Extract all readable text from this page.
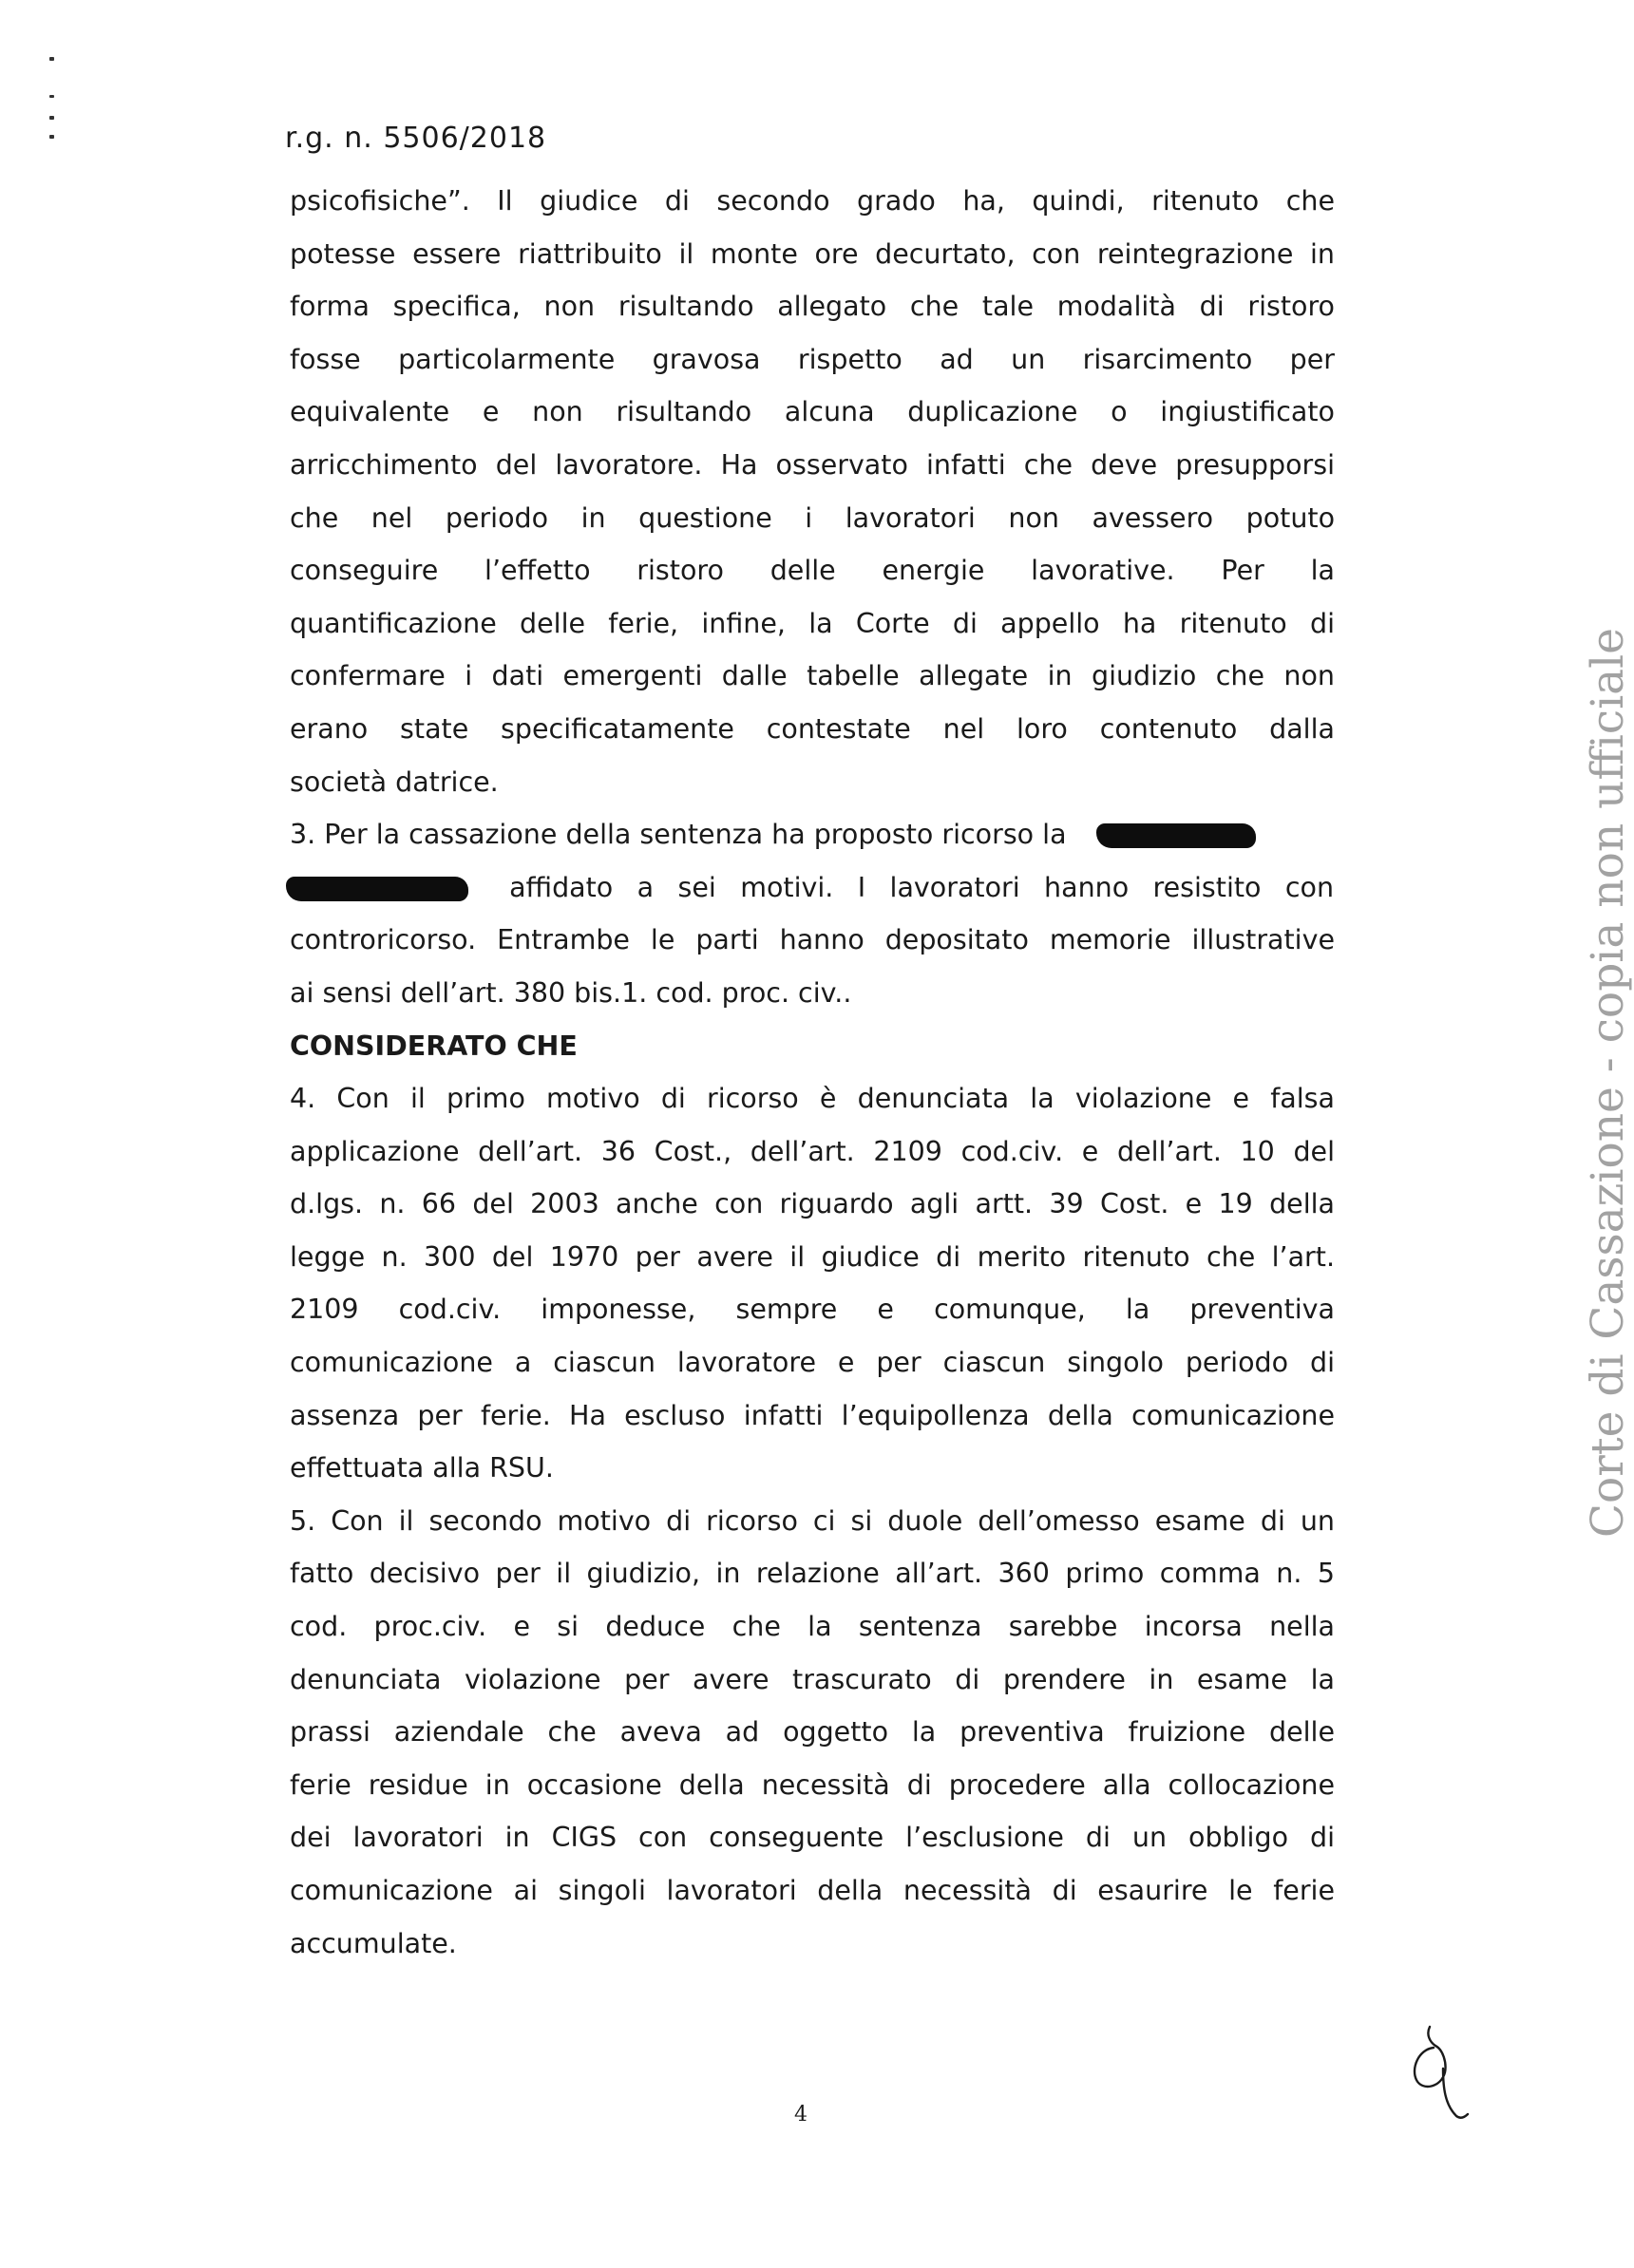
r.g. n. 5506/2018
psicofisiche”. Il giudice di secondo grado ha, quindi, ritenuto che
potesse essere riattribuito il monte ore decurtato, con reintegrazione in
forma specifica, non risultando allegato che tale modalità di ristoro
fosse particolarmente gravosa rispetto ad un risarcimento per
equivalente e non risultando alcuna duplicazione o ingiustificato
arricchimento del lavoratore. Ha osservato infatti che deve presupporsi
che nel periodo in questione i lavoratori non avessero potuto
conseguire l’effetto ristoro delle energie lavorative. Per la
quantificazione delle ferie, infine, la Corte di appello ha ritenuto di
confermare i dati emergenti dalle tabelle allegate in giudizio che non
erano state specificatamente contestate nel loro contenuto dalla
società datrice.
3. Per la cassazione della sentenza ha proposto ricorso la
affidato a sei motivi. I lavoratori hanno resistito con
controricorso. Entrambe le parti hanno depositato memorie illustrative
ai sensi dell’art. 380 bis.1. cod. proc. civ..
CONSIDERATO CHE
4. Con il primo motivo di ricorso è denunciata la violazione e falsa
applicazione dell’art. 36 Cost., dell’art. 2109 cod.civ. e dell’art. 10 del
d.lgs. n. 66 del 2003 anche con riguardo agli artt. 39 Cost. e 19 della
legge n. 300 del 1970 per avere il giudice di merito ritenuto che l’art.
2109 cod.civ. imponesse, sempre e comunque, la preventiva
comunicazione a ciascun lavoratore e per ciascun singolo periodo di
assenza per ferie. Ha escluso infatti l’equipollenza della comunicazione
effettuata alla RSU.
5. Con il secondo motivo di ricorso ci si duole dell’omesso esame di un
fatto decisivo per il giudizio, in relazione all’art. 360 primo comma n. 5
cod. proc.civ. e si deduce che la sentenza sarebbe incorsa nella
denunciata violazione per avere trascurato di prendere in esame la
prassi aziendale che aveva ad oggetto la preventiva fruizione delle
ferie residue in occasione della necessità di procedere alla collocazione
dei lavoratori in CIGS con conseguente l’esclusione di un obbligo di
comunicazione ai singoli lavoratori della necessità di esaurire le ferie
accumulate.
Corte di Cassazione - copia non ufficiale
4
